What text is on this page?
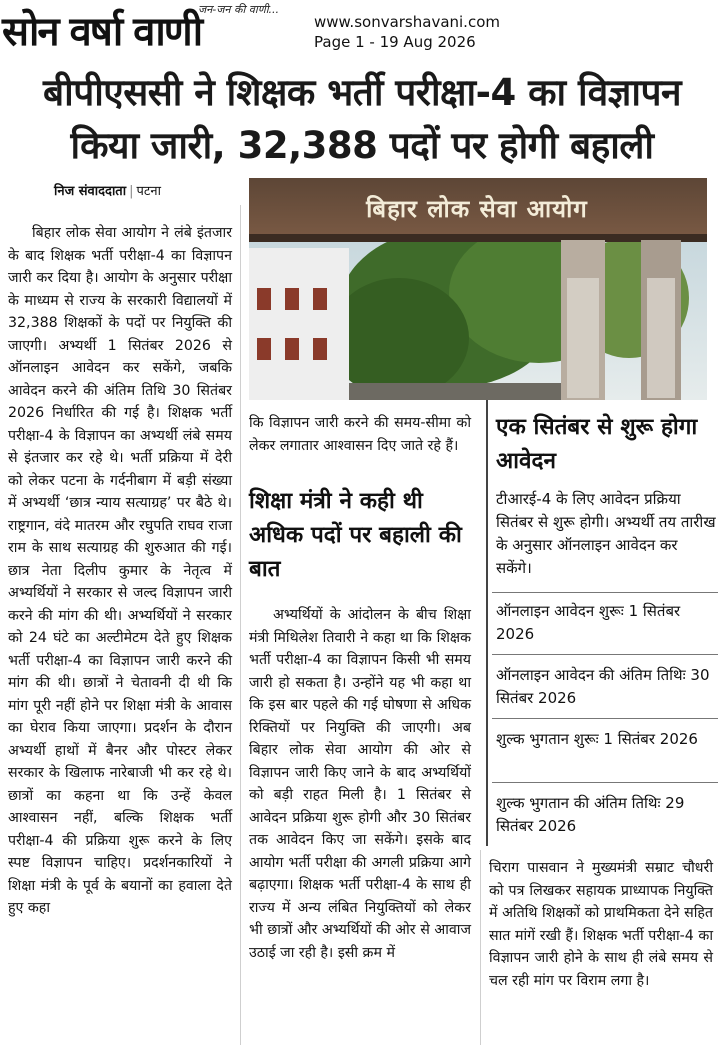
जन-जन की वाणी...
सोन वर्षा वाणी	www.sonvarshavani.com
Page 1 - 19 Aug 2026
बीपीएससी ने शिक्षक भर्ती परीक्षा-4 का विज्ञापन
किया जारी, 32,388 पदों पर होगी बहाली
निज संवाददाता | पटना
बिहार लोक सेवा आयोग ने लंबे इंतजार के बाद शिक्षक भर्ती परीक्षा-4 का विज्ञापन जारी कर दिया है। आयोग के अनुसार परीक्षा के माध्यम से राज्य के सरकारी विद्यालयों में 32,388 शिक्षकों के पदों पर नियुक्ति की जाएगी। अभ्यर्थी 1 सितंबर 2026 से ऑनलाइन आवेदन कर सकेंगे, जबकि आवेदन करने की अंतिम तिथि 30 सितंबर 2026 निर्धारित की गई है। शिक्षक भर्ती परीक्षा-4 के विज्ञापन का अभ्यर्थी लंबे समय से इंतजार कर रहे थे। भर्ती प्रक्रिया में देरी को लेकर पटना के गर्दनीबाग में बड़ी संख्या में अभ्यर्थी ‘छात्र न्याय सत्याग्रह’ पर बैठे थे। राष्ट्रगान, वंदे मातरम और रघुपति राघव राजा राम के साथ सत्याग्रह की शुरुआत की गई। छात्र नेता दिलीप कुमार के नेतृत्व में अभ्यर्थियों ने सरकार से जल्द विज्ञापन जारी करने की मांग की थी। अभ्यर्थियों ने सरकार को 24 घंटे का अल्टीमेटम देते हुए शिक्षक भर्ती परीक्षा-4 का विज्ञापन जारी करने की मांग की थी। छात्रों ने चेतावनी दी थी कि मांग पूरी नहीं होने पर शिक्षा मंत्री के आवास का घेराव किया जाएगा। प्रदर्शन के दौरान अभ्यर्थी हाथों में बैनर और पोस्टर लेकर सरकार के खिलाफ नारेबाजी भी कर रहे थे। छात्रों का कहना था कि उन्हें केवल आश्वासन नहीं, बल्कि शिक्षक भर्ती परीक्षा-4 की प्रक्रिया शुरू करने के लिए स्पष्ट विज्ञापन चाहिए। प्रदर्शनकारियों ने शिक्षा मंत्री के पूर्व के बयानों का हवाला देते हुए कहा
बिहार लोक सेवा आयोग
कि विज्ञापन जारी करने की समय-सीमा को लेकर लगातार आश्वासन दिए जाते रहे हैं।
शिक्षा मंत्री ने कही थी अधिक पदों पर बहाली की बात
अभ्यर्थियों के आंदोलन के बीच शिक्षा मंत्री मिथिलेश तिवारी ने कहा था कि शिक्षक भर्ती परीक्षा-4 का विज्ञापन किसी भी समय जारी हो सकता है। उन्होंने यह भी कहा था कि इस बार पहले की गई घोषणा से अधिक रिक्तियों पर नियुक्ति की जाएगी। अब बिहार लोक सेवा आयोग की ओर से विज्ञापन जारी किए जाने के बाद अभ्यर्थियों को बड़ी राहत मिली है। 1 सितंबर से आवेदन प्रक्रिया शुरू होगी और 30 सितंबर तक आवेदन किए जा सकेंगे। इसके बाद आयोग भर्ती परीक्षा की अगली प्रक्रिया आगे बढ़ाएगा। शिक्षक भर्ती परीक्षा-4 के साथ ही राज्य में अन्य लंबित नियुक्तियों को लेकर भी छात्रों और अभ्यर्थियों की ओर से आवाज उठाई जा रही है। इसी क्रम में
एक सितंबर से शुरू होगा आवेदन
टीआरई-4 के लिए आवेदन प्रक्रिया सितंबर से शुरू होगी। अभ्यर्थी तय तारीख के अनुसार ऑनलाइन आवेदन कर सकेंगे।
ऑनलाइन आवेदन शुरूः 1 सितंबर 2026
ऑनलाइन आवेदन की अंतिम तिथिः 30 सितंबर 2026
शुल्क भुगतान शुरूः 1 सितंबर 2026
शुल्क भुगतान की अंतिम तिथिः 29 सितंबर 2026
चिराग पासवान ने मुख्यमंत्री सम्राट चौधरी को पत्र लिखकर सहायक प्राध्यापक नियुक्ति में अतिथि शिक्षकों को प्राथमिकता देने सहित सात मांगें रखी हैं। शिक्षक भर्ती परीक्षा-4 का विज्ञापन जारी होने के साथ ही लंबे समय से चल रही मांग पर विराम लगा है।
